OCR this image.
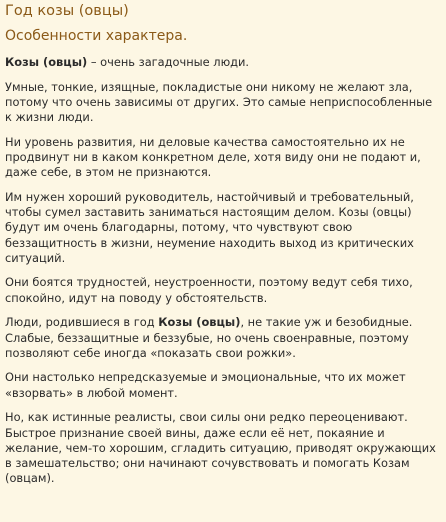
Год козы (овцы)
Особенности характера.

Козы (овцы) – очень загадочные люди.

Умные, тонкие, изящные, покладистые они никому не желают зла, потому что очень зависимы от других. Это самые неприспособленные к жизни люди.

Ни уровень развития, ни деловые качества самостоятельно их не продвинут ни в каком конкретном деле, хотя виду они не подают и, даже себе, в этом не признаются.

Им нужен хороший руководитель, настойчивый и требовательный, чтобы сумел заставить заниматься настоящим делом. Козы (овцы) будут им очень благодарны, потому, что чувствуют свою беззащитность в жизни, неумение находить выход из критических ситуаций.

Они боятся трудностей, неустроенности, поэтому ведут себя тихо, спокойно, идут на поводу у обстоятельств.

Люди, родившиеся в год Козы (овцы), не такие уж и безобидные. Слабые, беззащитные и беззубые, но очень своенравные, поэтому позволяют себе иногда «показать свои рожки».

Они настолько непредсказуемые и эмоциональные, что их может «взорвать» в любой момент.

Но, как истинные реалисты, свои силы они редко переоценивают. Быстрое признание своей вины, даже если её нет, покаяние и желание, чем-то хорошим, сгладить ситуацию, приводят окружающих в замешательство; они начинают сочувствовать и помогать Козам (овцам).
